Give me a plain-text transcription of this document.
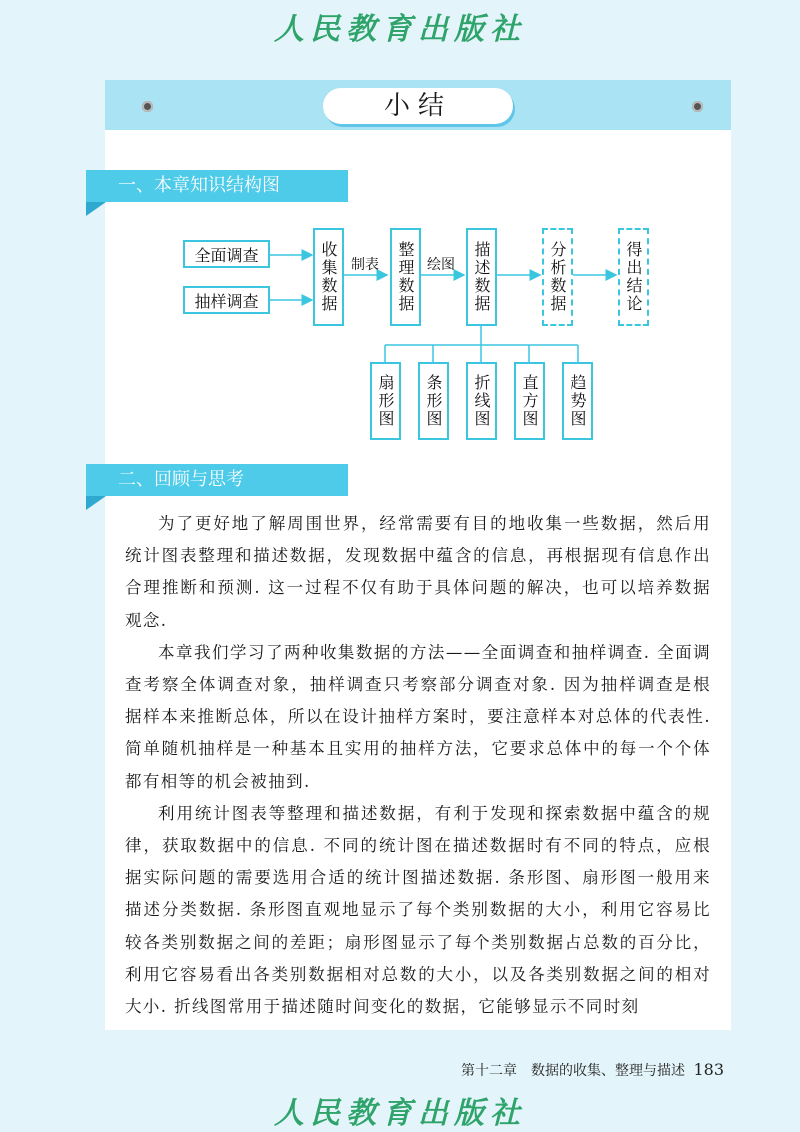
人民教育出版社
小结
一、本章知识结构图
全面调查
抽样调查	收集数据 制表	整理数据 绘图	描述数据	分析数据	得出结论
扇形图	条形图	折线图	直方图	趋势图
二、回顾与思考

为了更好地了解周围世界，经常需要有目的地收集一些数据，然后用统计图表整理和描述数据，发现数据中蕴含的信息，再根据现有信息作出合理推断和预测. 这一过程不仅有助于具体问题的解决，也可以培养数据观念.

本章我们学习了两种收集数据的方法——全面调查和抽样调查. 全面调查考察全体调查对象，抽样调查只考察部分调查对象. 因为抽样调查是根据样本来推断总体，所以在设计抽样方案时，要注意样本对总体的代表性. 简单随机抽样是一种基本且实用的抽样方法，它要求总体中的每一个个体都有相等的机会被抽到.

利用统计图表等整理和描述数据，有利于发现和探索数据中蕴含的规律，获取数据中的信息. 不同的统计图在描述数据时有不同的特点，应根据实际问题的需要选用合适的统计图描述数据. 条形图、扇形图一般用来描述分类数据. 条形图直观地显示了每个类别数据的大小，利用它容易比较各类别数据之间的差距；扇形图显示了每个类别数据占总数的百分比，利用它容易看出各类别数据相对总数的大小，以及各类别数据之间的相对大小. 折线图常用于描述随时间变化的数据，它能够显示不同时刻

第十二章　数据的收集、整理与描述 183
人民教育出版社
